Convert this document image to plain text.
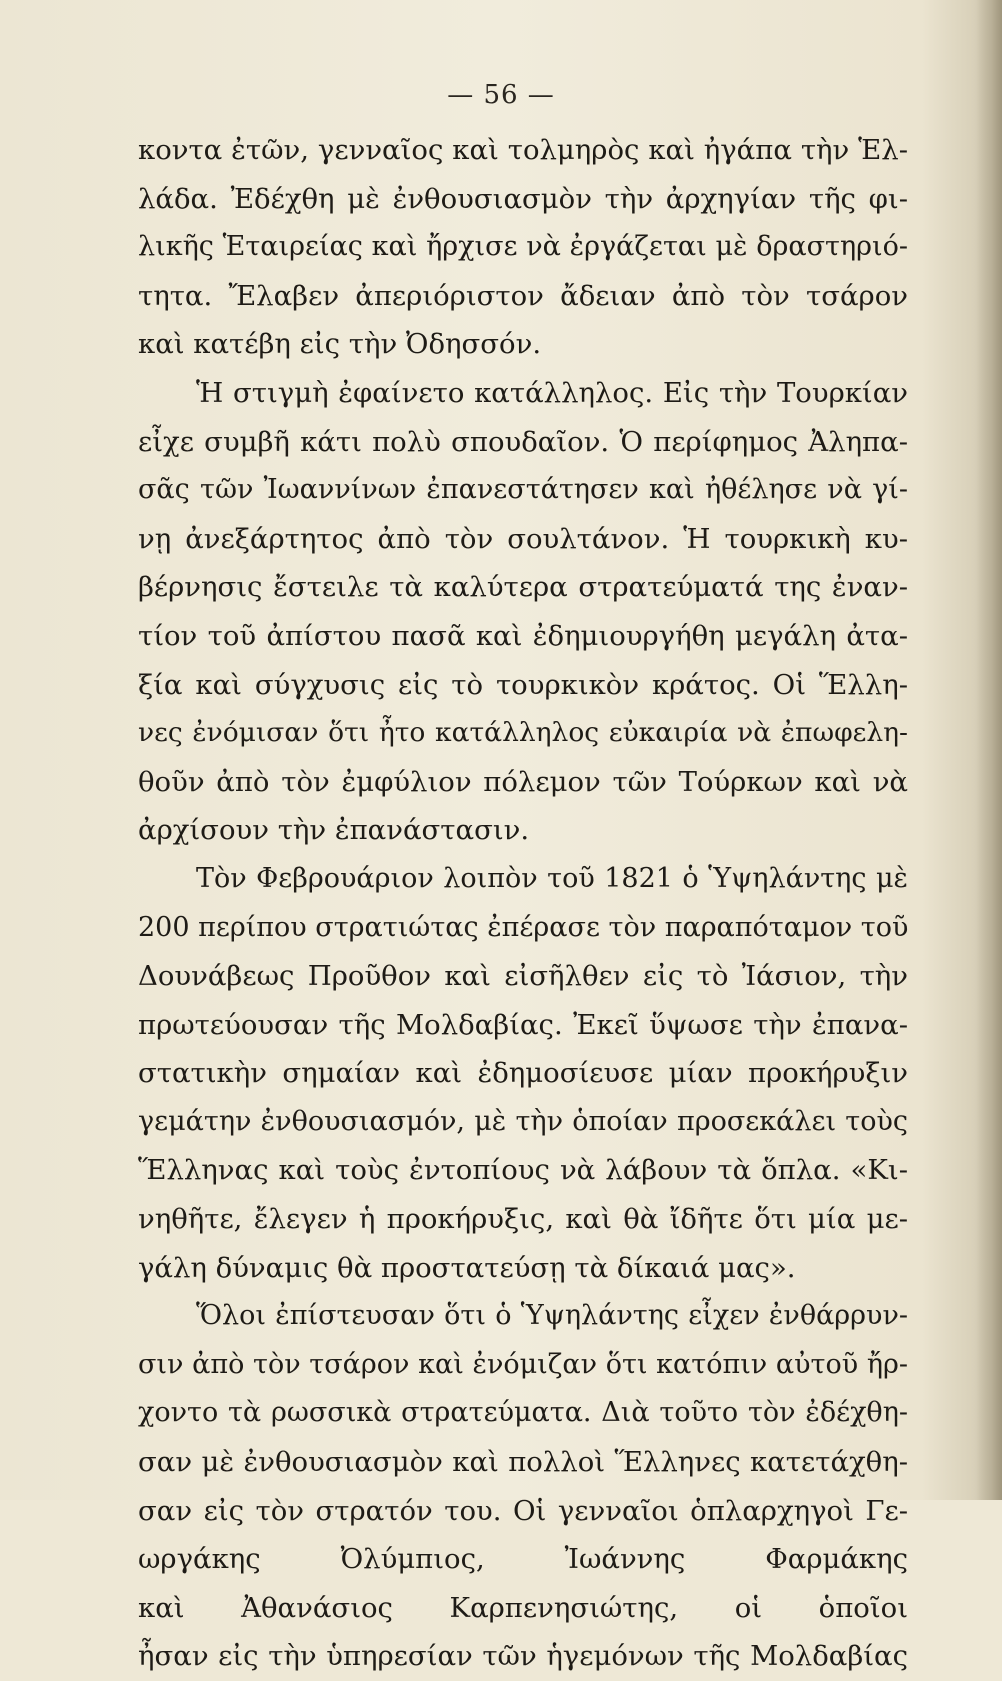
— 56 —
κοντα ἐτῶν, γενναῖος καὶ τολμηρὸς καὶ ἠγάπα τὴν Ἑλ-
λάδα. Ἐδέχθη μὲ ἐνθουσιασμὸν τὴν ἀρχηγίαν τῆς φι-
λικῆς Ἑταιρείας καὶ ἤρχισε νὰ ἐργάζεται μὲ δραστηριό-
τητα. Ἔλαβεν ἀπεριόριστον ἄδειαν ἀπὸ τὸν τσάρον
καὶ κατέβη εἰς τὴν Ὀδησσόν.
Ἡ στιγμὴ ἐφαίνετο κατάλληλος. Εἰς τὴν Τουρκίαν
εἶχε συμβῆ κάτι πολὺ σπουδαῖον. Ὁ περίφημος Ἀληπα-
σᾶς τῶν Ἰωαννίνων ἐπανεστάτησεν καὶ ἠθέλησε νὰ γί-
νῃ ἀνεξάρτητος ἀπὸ τὸν σουλτάνον. Ἡ τουρκικὴ κυ-
βέρνησις ἔστειλε τὰ καλύτερα στρατεύματά της ἐναν-
τίον τοῦ ἀπίστου πασᾶ καὶ ἐδημιουργήθη μεγάλη ἀτα-
ξία καὶ σύγχυσις εἰς τὸ τουρκικὸν κράτος. Οἱ Ἕλλη-
νες ἐνόμισαν ὅτι ἦτο κατάλληλος εὐκαιρία νὰ ἐπωφελη-
θοῦν ἀπὸ τὸν ἐμφύλιον πόλεμον τῶν Τούρκων καὶ νὰ
ἀρχίσουν τὴν ἐπανάστασιν.
Τὸν Φεβρουάριον λοιπὸν τοῦ 1821 ὁ Ὑψηλάντης μὲ
200 περίπου στρατιώτας ἐπέρασε τὸν παραπόταμον τοῦ
Δουνάβεως Προῦθον καὶ εἰσῆλθεν εἰς τὸ Ἰάσιον, τὴν
πρωτεύουσαν τῆς Μολδαβίας. Ἐκεῖ ὕψωσε τὴν ἐπανα-
στατικὴν σημαίαν καὶ ἐδημοσίευσε μίαν προκήρυξιν
γεμάτην ἐνθουσιασμόν, μὲ τὴν ὁποίαν προσεκάλει τοὺς
Ἕλληνας καὶ τοὺς ἐντοπίους νὰ λάβουν τὰ ὅπλα. «Κι-
νηθῆτε, ἔλεγεν ἡ προκήρυξις, καὶ θὰ ἴδῆτε ὅτι μία με-
γάλη δύναμις θὰ προστατεύσῃ τὰ δίκαιά μας».
Ὅλοι ἐπίστευσαν ὅτι ὁ Ὑψηλάντης εἶχεν ἐνθάρρυν-
σιν ἀπὸ τὸν τσάρον καὶ ἐνόμιζαν ὅτι κατόπιν αὐτοῦ ἤρ-
χοντο τὰ ρωσσικὰ στρατεύματα. Διὰ τοῦτο τὸν ἐδέχθη-
σαν μὲ ἐνθουσιασμὸν καὶ πολλοὶ Ἕλληνες κατετάχθη-
σαν εἰς τὸν στρατόν του. Οἱ γενναῖοι ὁπλαρχηγοὶ Γε-
ωργάκης Ὀλύμπιος, Ἰωάννης Φαρμάκης
καὶ Ἀθανάσιος Καρπενησιώτης, οἱ ὁποῖοι
ἦσαν εἰς τὴν ὑπηρεσίαν τῶν ἡγεμόνων τῆς Μολδαβίας
